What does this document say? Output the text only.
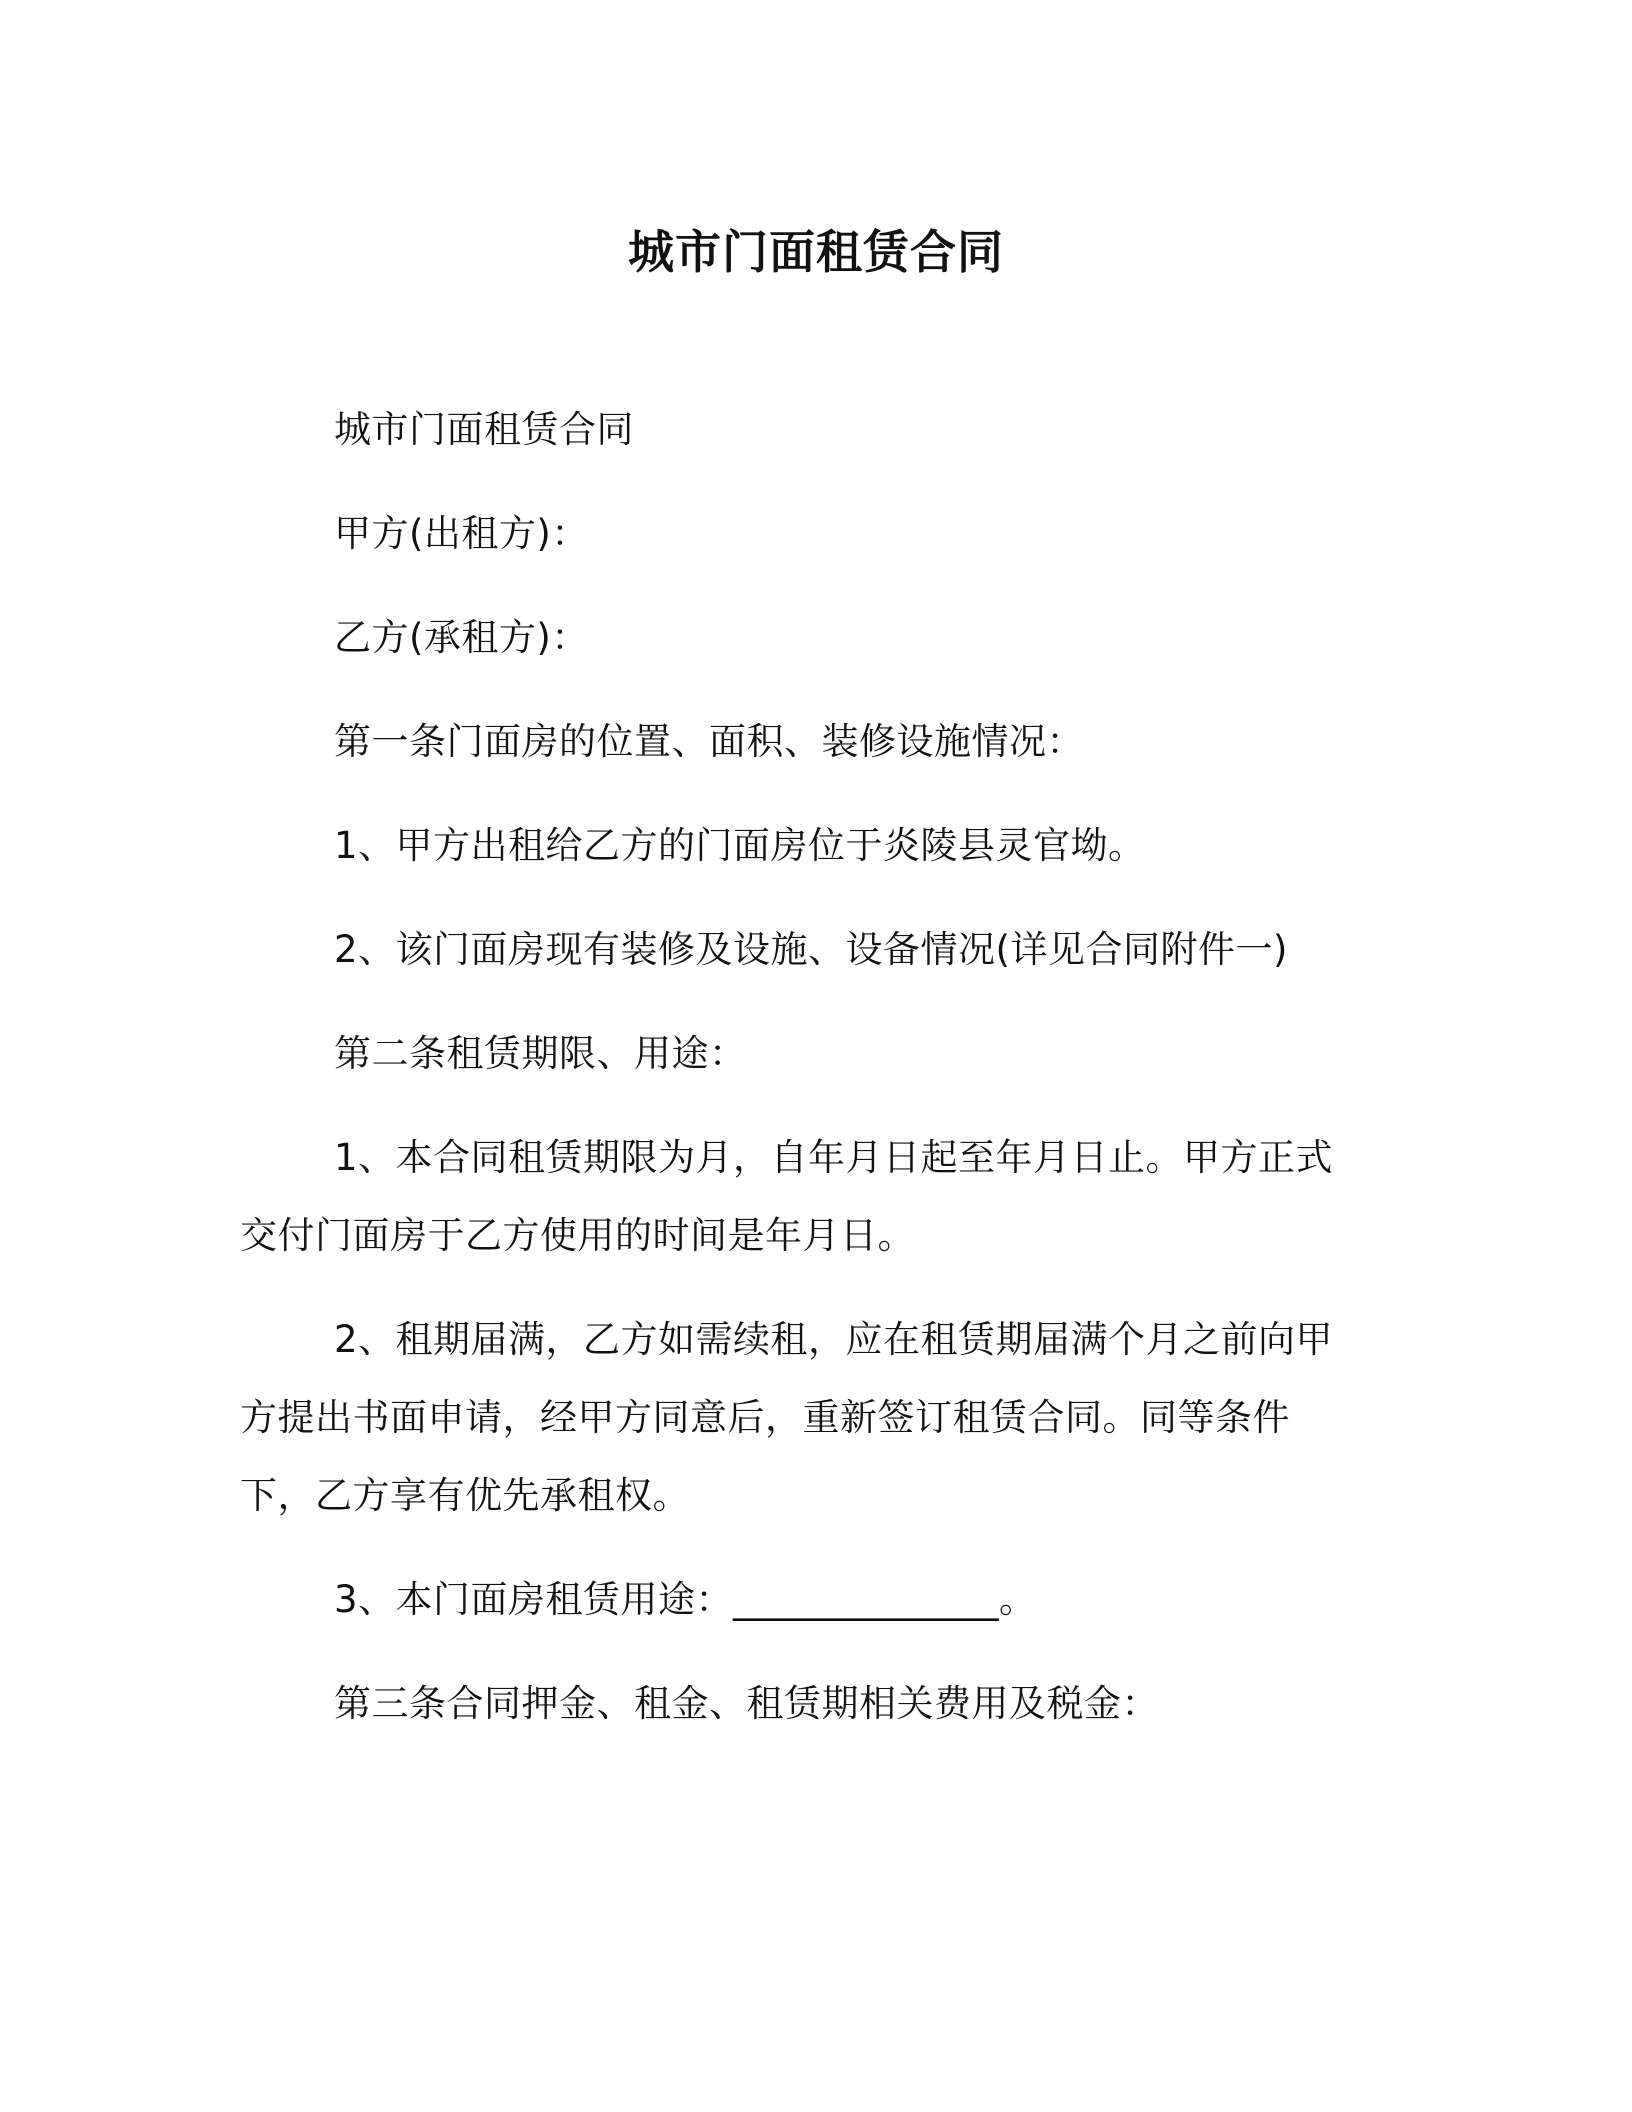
城市门面租赁合同

城市门面租赁合同

甲方(出租方)：

乙方(承租方)：

第一条门面房的位置、面积、装修设施情况：

1、甲方出租给乙方的门面房位于炎陵县灵官坳。

2、该门面房现有装修及设施、设备情况(详见合同附件一)

第二条租赁期限、用途：

1、本合同租赁期限为月，自年月日起至年月日止。甲方正式交付门面房于乙方使用的时间是年月日。

2、租期届满，乙方如需续租，应在租赁期届满个月之前向甲方提出书面申请，经甲方同意后，重新签订租赁合同。同等条件下，乙方享有优先承租权。

3、本门面房租赁用途：______________。

第三条合同押金、租金、租赁期相关费用及税金：
